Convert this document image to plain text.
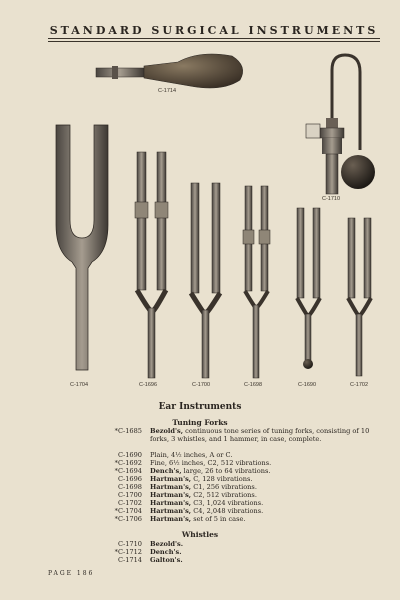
STANDARD SURGICAL INSTRUMENTS
C-1714
C-1710
C-1704	C-1696	C-1700	C-1698	C-1690	C-1702
Ear Instruments
Tuning Forks
*C-1685 Bezold's, continuous tone series of tuning forks, consisting of 10 forks, 3 whistles, and 1 hammer, in case, complete.
C-1690 Plain, 4½ inches, A or C.
*C-1692 Fine, 6½ inches, C2, 512 vibrations.
*C-1694 Dench's, large, 26 to 64 vibrations.
C-1696 Hartman's, C, 128 vibrations.
C-1698 Hartman's, C1, 256 vibrations.
C-1700 Hartman's, C2, 512 vibrations.
C-1702 Hartman's, C3, 1,024 vibrations.
*C-1704 Hartman's, C4, 2,048 vibrations.
*C-1706 Hartman's, set of 5 in case.
Whistles
C-1710 Bezold's.
*C-1712 Dench's.
C-1714 Galton's.
PAGE 186
